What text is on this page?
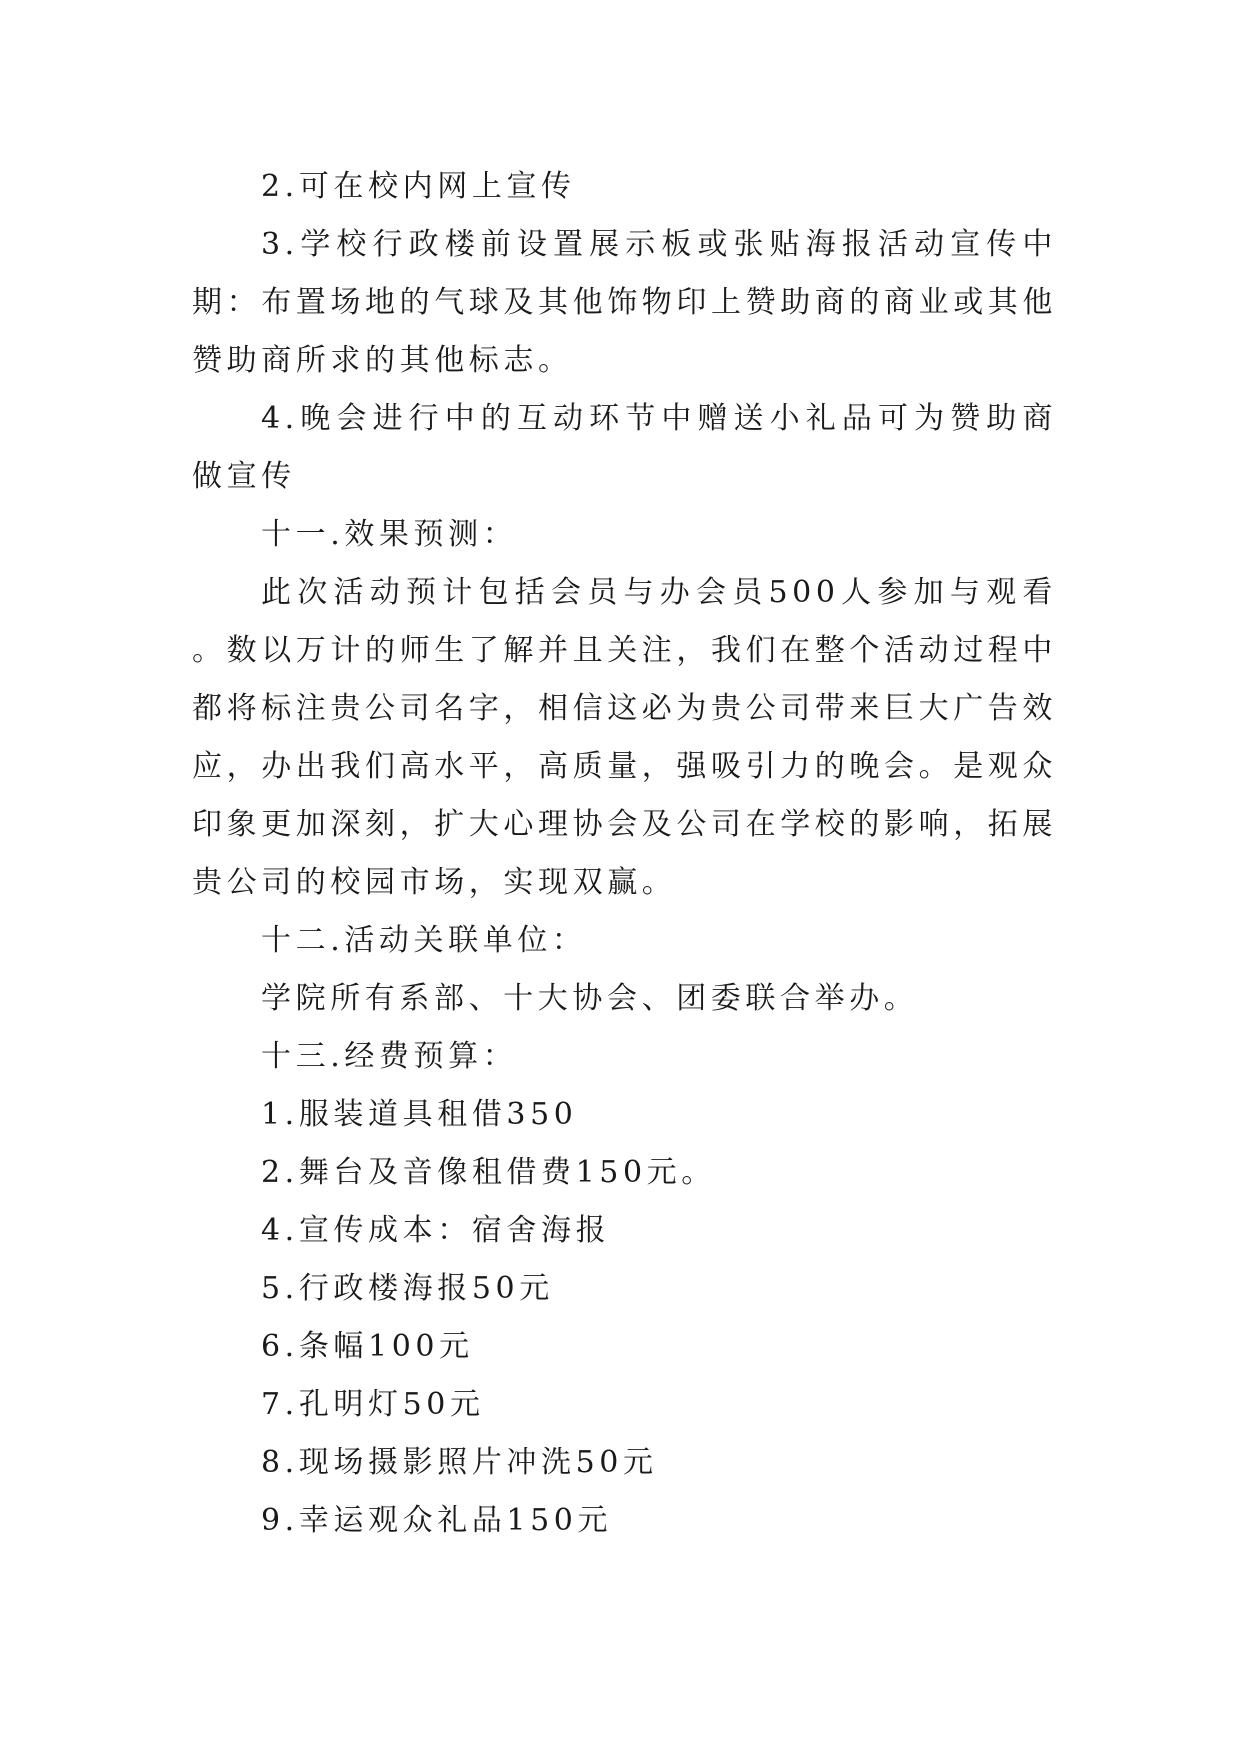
2.可在校内网上宣传

3.学校行政楼前设置展示板或张贴海报活动宣传中期：布置场地的气球及其他饰物印上赞助商的商业或其他赞助商所求的其他标志。

4.晚会进行中的互动环节中赠送小礼品可为赞助商做宣传

十一.效果预测：

此次活动预计包括会员与办会员500人参加与观看。数以万计的师生了解并且关注，我们在整个活动过程中都将标注贵公司名字，相信这必为贵公司带来巨大广告效应，办出我们高水平，高质量，强吸引力的晚会。是观众印象更加深刻，扩大心理协会及公司在学校的影响，拓展贵公司的校园市场，实现双赢。

十二.活动关联单位：

学院所有系部、十大协会、团委联合举办。

十三.经费预算：

1.服装道具租借350

2.舞台及音像租借费150元。

4.宣传成本：宿舍海报

5.行政楼海报50元

6.条幅100元

7.孔明灯50元

8.现场摄影照片冲洗50元

9.幸运观众礼品150元
